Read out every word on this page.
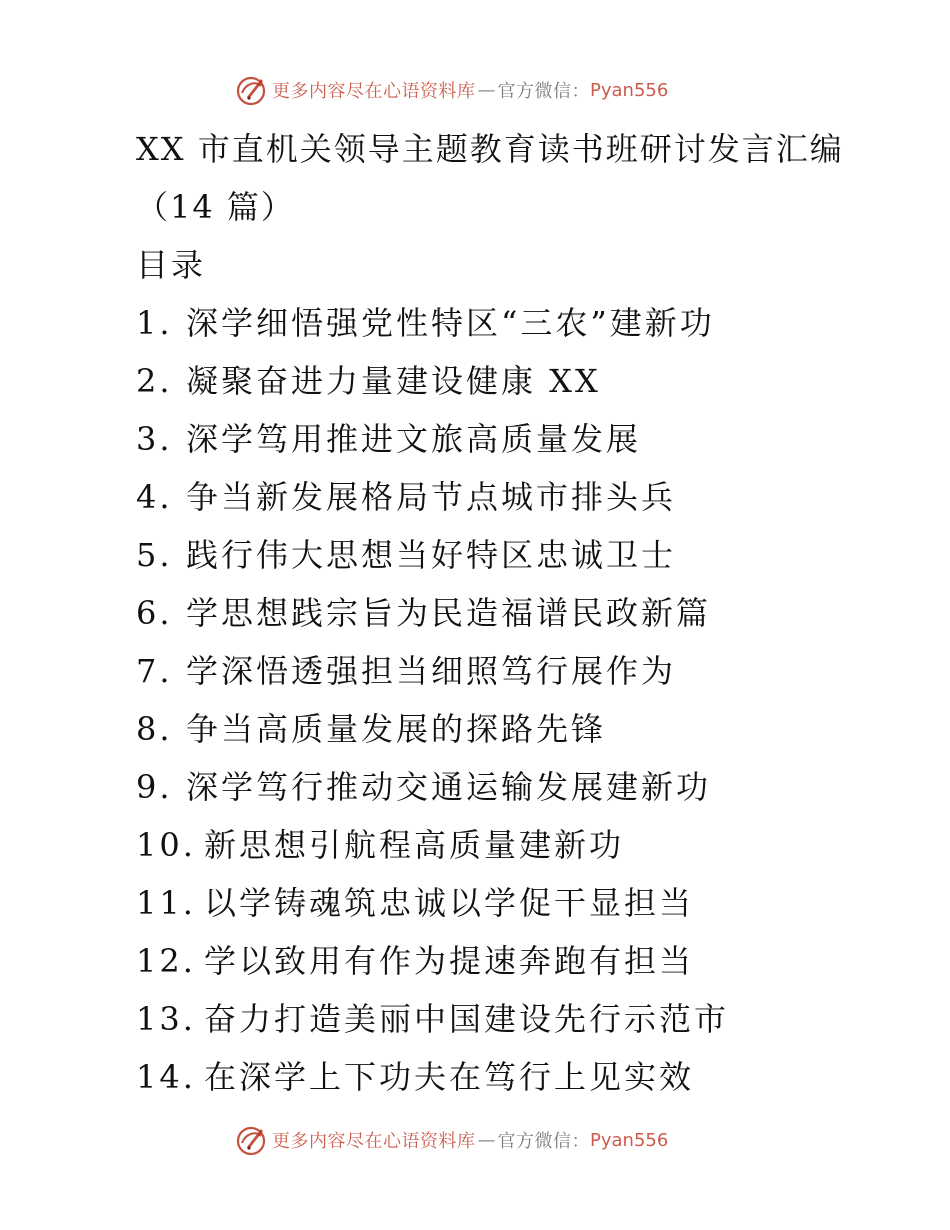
更多内容尽在心语资料库 — 官方微信： Pyan556
XX 市直机关领导主题教育读书班研讨发言汇编（14 篇）
目录
1. 深学细悟强党性特区“三农”建新功
2. 凝聚奋进力量建设健康 XX
3. 深学笃用推进文旅高质量发展
4. 争当新发展格局节点城市排头兵
5. 践行伟大思想当好特区忠诚卫士
6. 学思想践宗旨为民造福谱民政新篇
7. 学深悟透强担当细照笃行展作为
8. 争当高质量发展的探路先锋
9. 深学笃行推动交通运输发展建新功
10. 新思想引航程高质量建新功
11. 以学铸魂筑忠诚以学促干显担当
12. 学以致用有作为提速奔跑有担当
13. 奋力打造美丽中国建设先行示范市
14. 在深学上下功夫在笃行上见实效
更多内容尽在心语资料库 — 官方微信： Pyan556
